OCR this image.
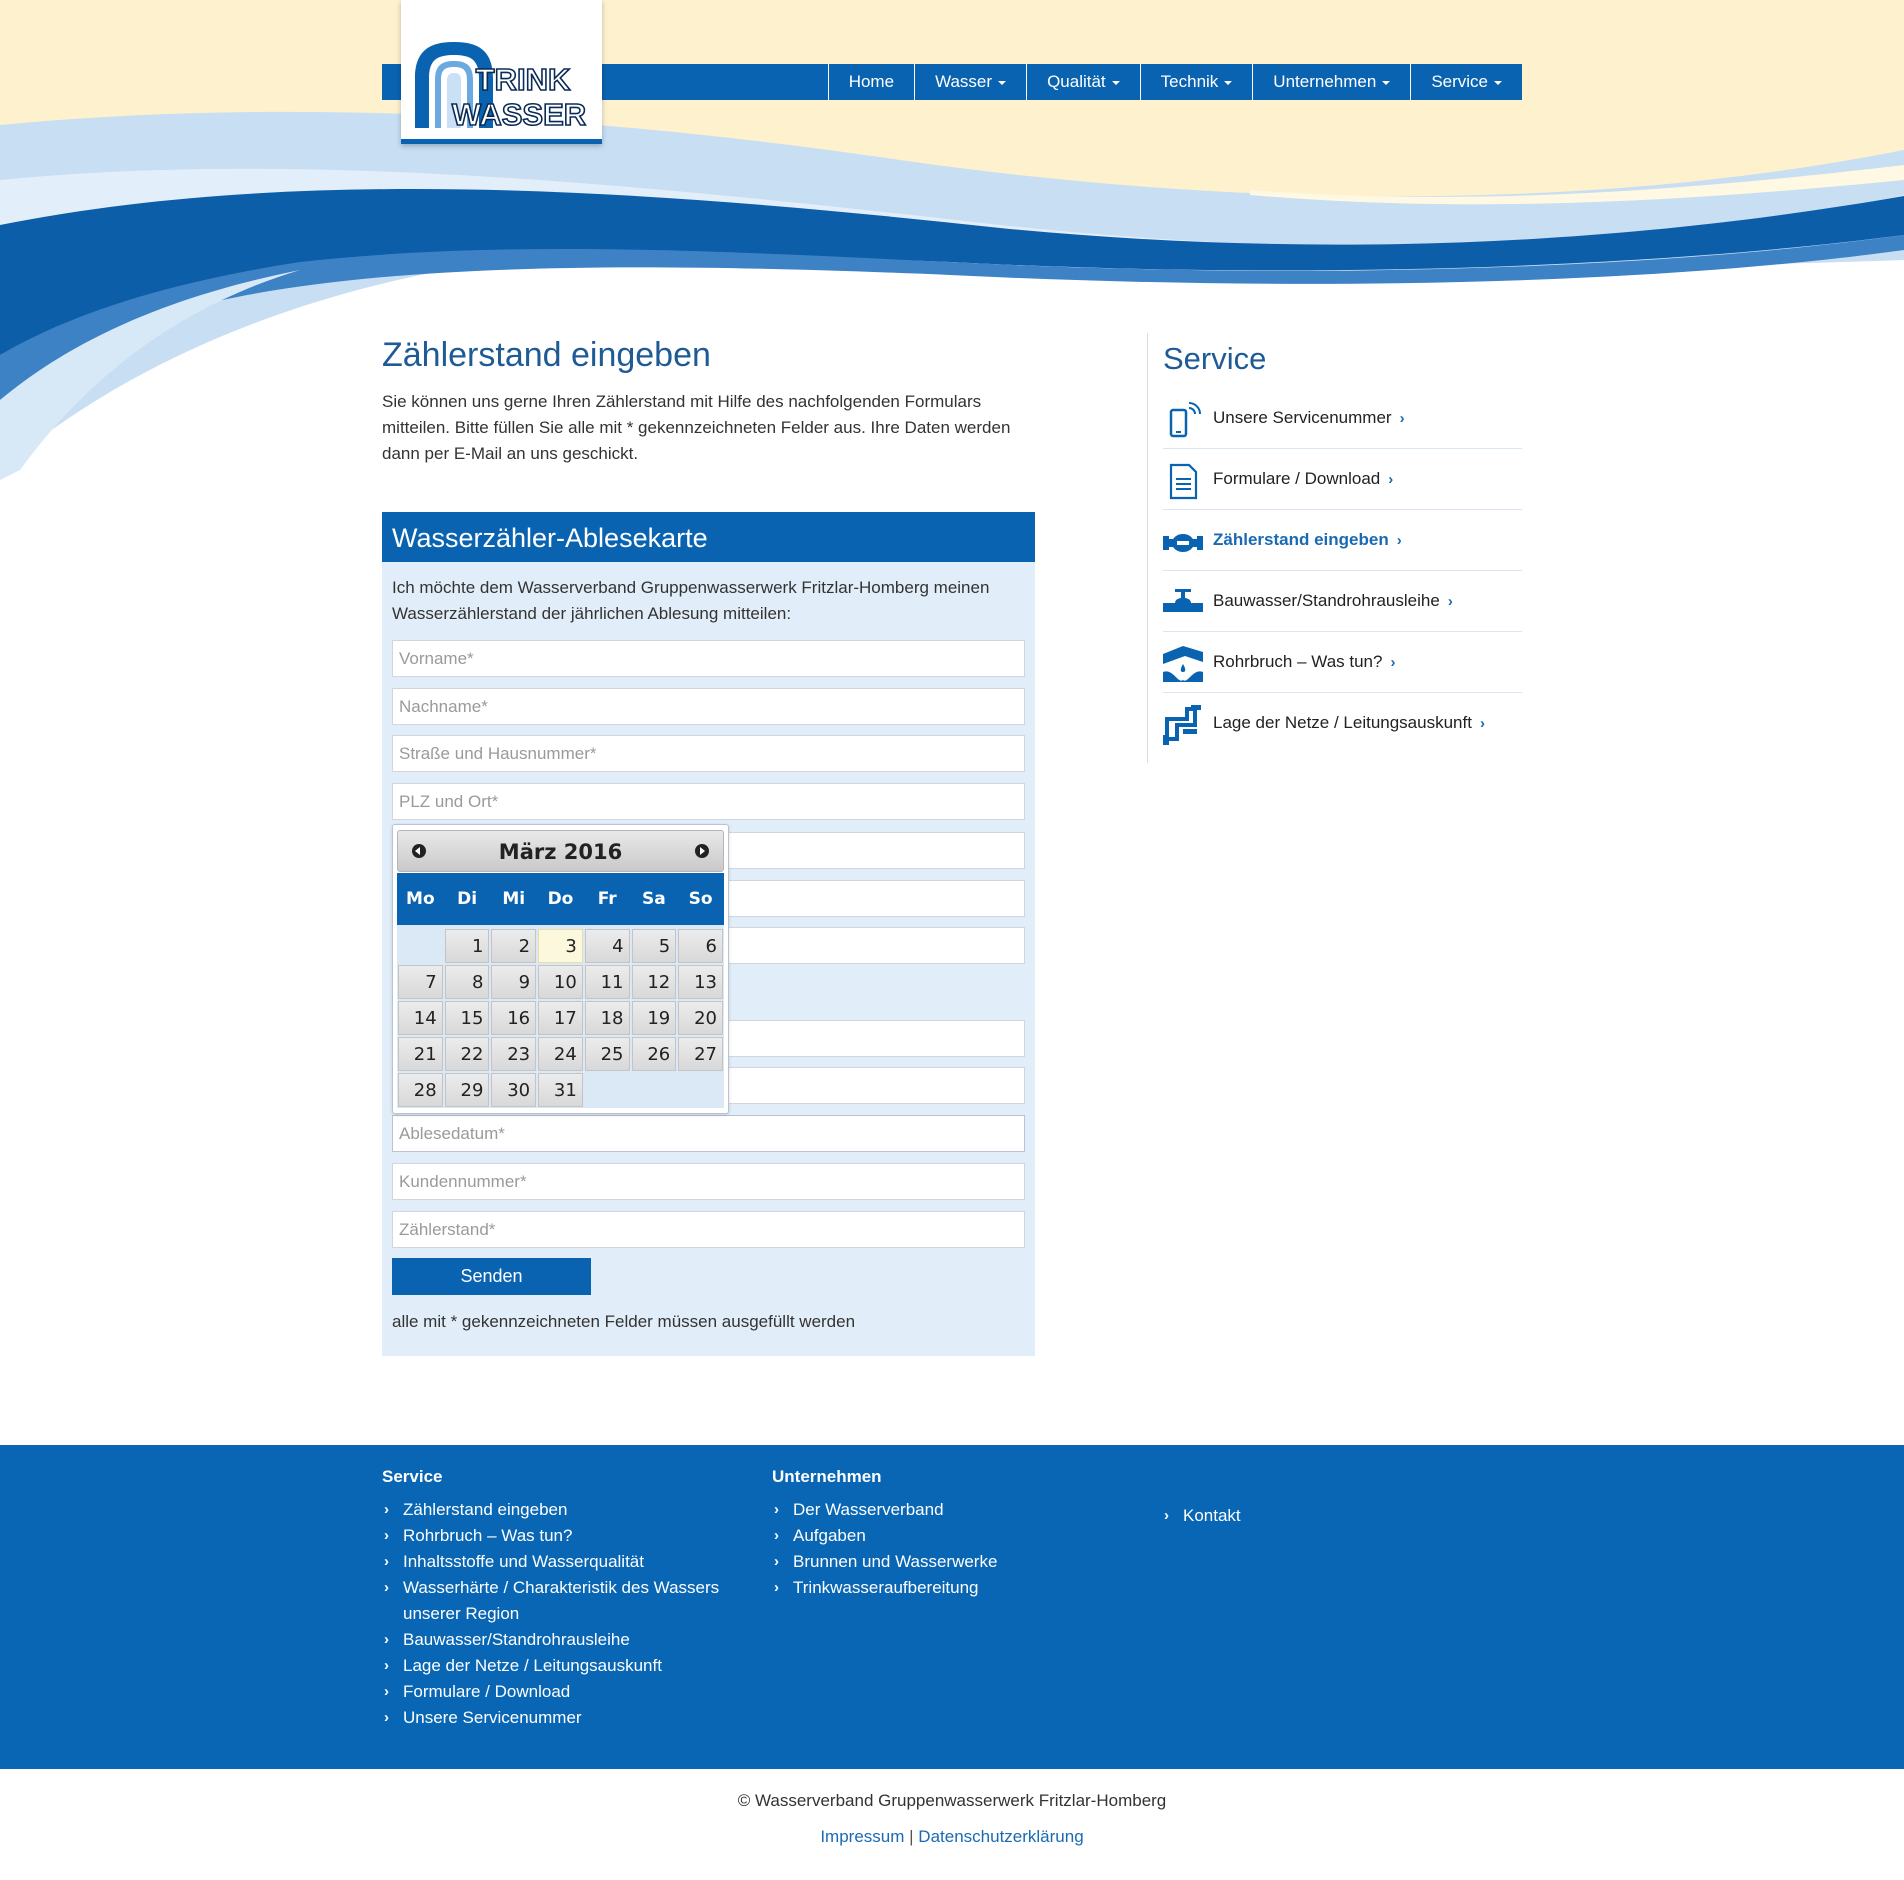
Home	Wasser	Qualität	Technik	Unternehmen	Service
TRINK
WASSER
Zählerstand eingeben

Sie können uns gerne Ihren Zählerstand mit Hilfe des nachfolgenden Formulars mitteilen. Bitte füllen Sie alle mit * gekennzeichneten Felder aus. Ihre Daten werden dann per E-Mail an uns geschickt.

Wasserzähler-Ablesekarte

Ich möchte dem Wasserverband Gruppenwasserwerk Fritzlar-Homberg meinen Wasserzählerstand der jährlichen Ablesung mitteilen:

Vorname*
Nachname*
Straße und Hausnummer*
PLZ und Ort*
Ablesedatum*
Kundennummer*
Zählerstand*
Senden

alle mit * gekennzeichneten Felder müssen ausgefüllt werden

März 2016
Mo	Di	Mi	Do	Fr	Sa	So

	1	2	3	4	5	6

7	8	9	10	11	12	13

14	15	16	17	18	19	20

21	22	23	24	25	26	27

28	29	30	31			

Service
Unsere Servicenummer ›
Formulare / Download ›
Zählerstand eingeben ›
Bauwasser/Standrohrausleihe ›
Rohrbruch – Was tun? ›
Lage der Netze / Leitungsauskunft ›
Service
› Zählerstand eingeben
› Rohrbruch – Was tun?
› Inhaltsstoffe und Wasserqualität
› Wasserhärte / Charakteristik des Wassers unserer Region
› Bauwasser/Standrohrausleihe
› Lage der Netze / Leitungsauskunft
› Formulare / Download
› Unsere Servicenummer
Unternehmen
› Der Wasserverband
› Aufgaben
› Brunnen und Wasserwerke
› Trinkwasseraufbereitung
› Kontakt
© Wasserverband Gruppenwasserwerk Fritzlar-Homberg
Impressum | Datenschutzerklärung
